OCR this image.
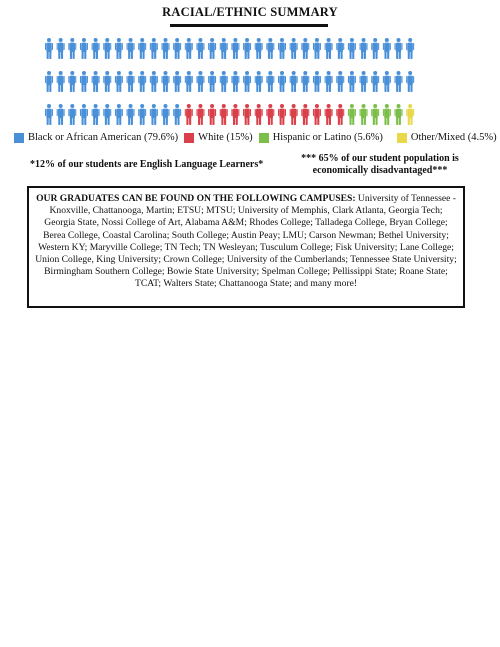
RACIAL/ETHNIC SUMMARY
Black or African American (79.6%) White (15%) Hispanic or Latino (5.6%)	Other/Mixed (4.5%)
*12% of our students are English Language Learners*
*** 65% of our student population is economically disadvantaged***
OUR GRADUATES CAN BE FOUND ON THE FOLLOWING CAMPUSES: University of Tennessee - Knoxville, Chattanooga, Martin; ETSU; MTSU; University of Memphis, Clark Atlanta, Georgia Tech; Georgia State, Nossi College of Art, Alabama A&M; Rhodes College; Talladega College, Bryan College; Berea College, Coastal Carolina; South College; Austin Peay; LMU; Carson Newman; Bethel University; Western KY; Maryville College; TN Tech; TN Wesleyan; Tusculum College; Fisk University; Lane College; Union College, King University; Crown College; University of the Cumberlands; Tennessee State University; Birmingham Southern College; Bowie State University; Spelman College; Pellissippi State; Roane State; TCAT; Walters State; Chattanooga State; and many more!
